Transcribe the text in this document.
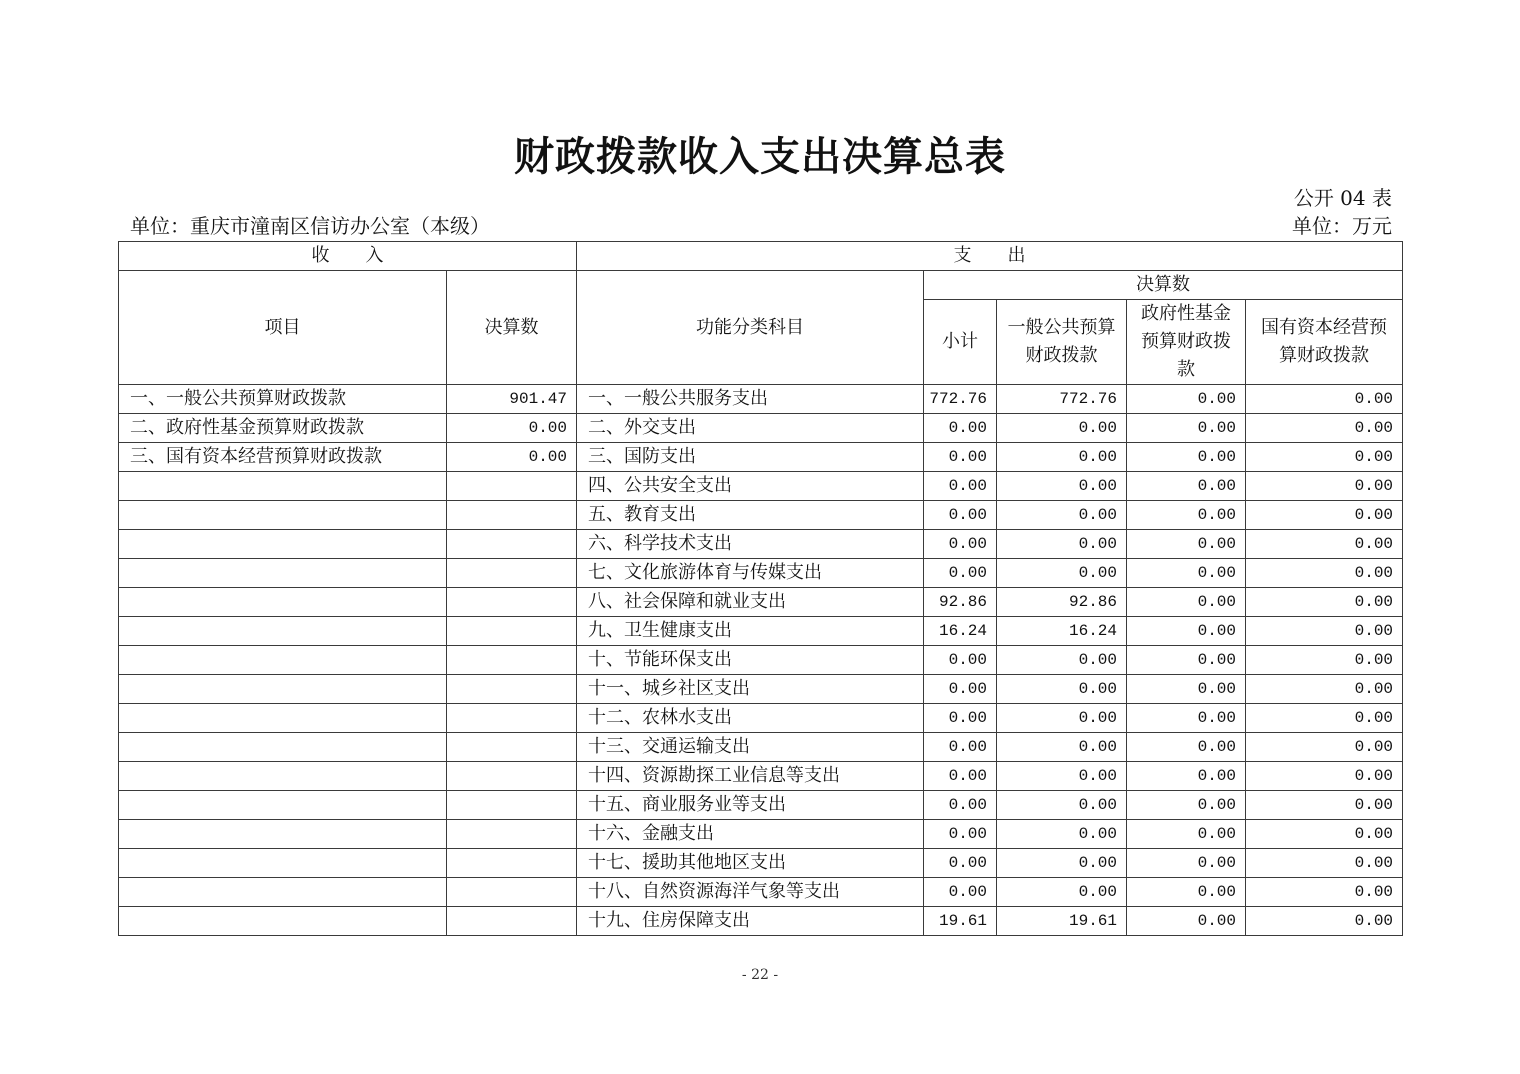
财政拨款收入支出决算总表
公开 04 表
单位：重庆市潼南区信访办公室（本级）	单位：万元
收　　入		支　　出				
项目	决算数	功能分类科目	决算数			
			小计	一般公共预算财政拨款	政府性基金预算财政拨款	国有资本经营预算财政拨款
一、一般公共预算财政拨款	901.47	一、一般公共服务支出	772.76	772.76	0.00	0.00
二、政府性基金预算财政拨款	0.00	二、外交支出	0.00	0.00	0.00	0.00
三、国有资本经营预算财政拨款	0.00	三、国防支出	0.00	0.00	0.00	0.00
		四、公共安全支出	0.00	0.00	0.00	0.00
		五、教育支出	0.00	0.00	0.00	0.00
		六、科学技术支出	0.00	0.00	0.00	0.00
		七、文化旅游体育与传媒支出	0.00	0.00	0.00	0.00
		八、社会保障和就业支出	92.86	92.86	0.00	0.00
		九、卫生健康支出	16.24	16.24	0.00	0.00
		十、节能环保支出	0.00	0.00	0.00	0.00
		十一、城乡社区支出	0.00	0.00	0.00	0.00
		十二、农林水支出	0.00	0.00	0.00	0.00
		十三、交通运输支出	0.00	0.00	0.00	0.00
		十四、资源勘探工业信息等支出	0.00	0.00	0.00	0.00
		十五、商业服务业等支出	0.00	0.00	0.00	0.00
		十六、金融支出	0.00	0.00	0.00	0.00
		十七、援助其他地区支出	0.00	0.00	0.00	0.00
		十八、自然资源海洋气象等支出	0.00	0.00	0.00	0.00
		十九、住房保障支出	19.61	19.61	0.00	0.00
- 22 -
